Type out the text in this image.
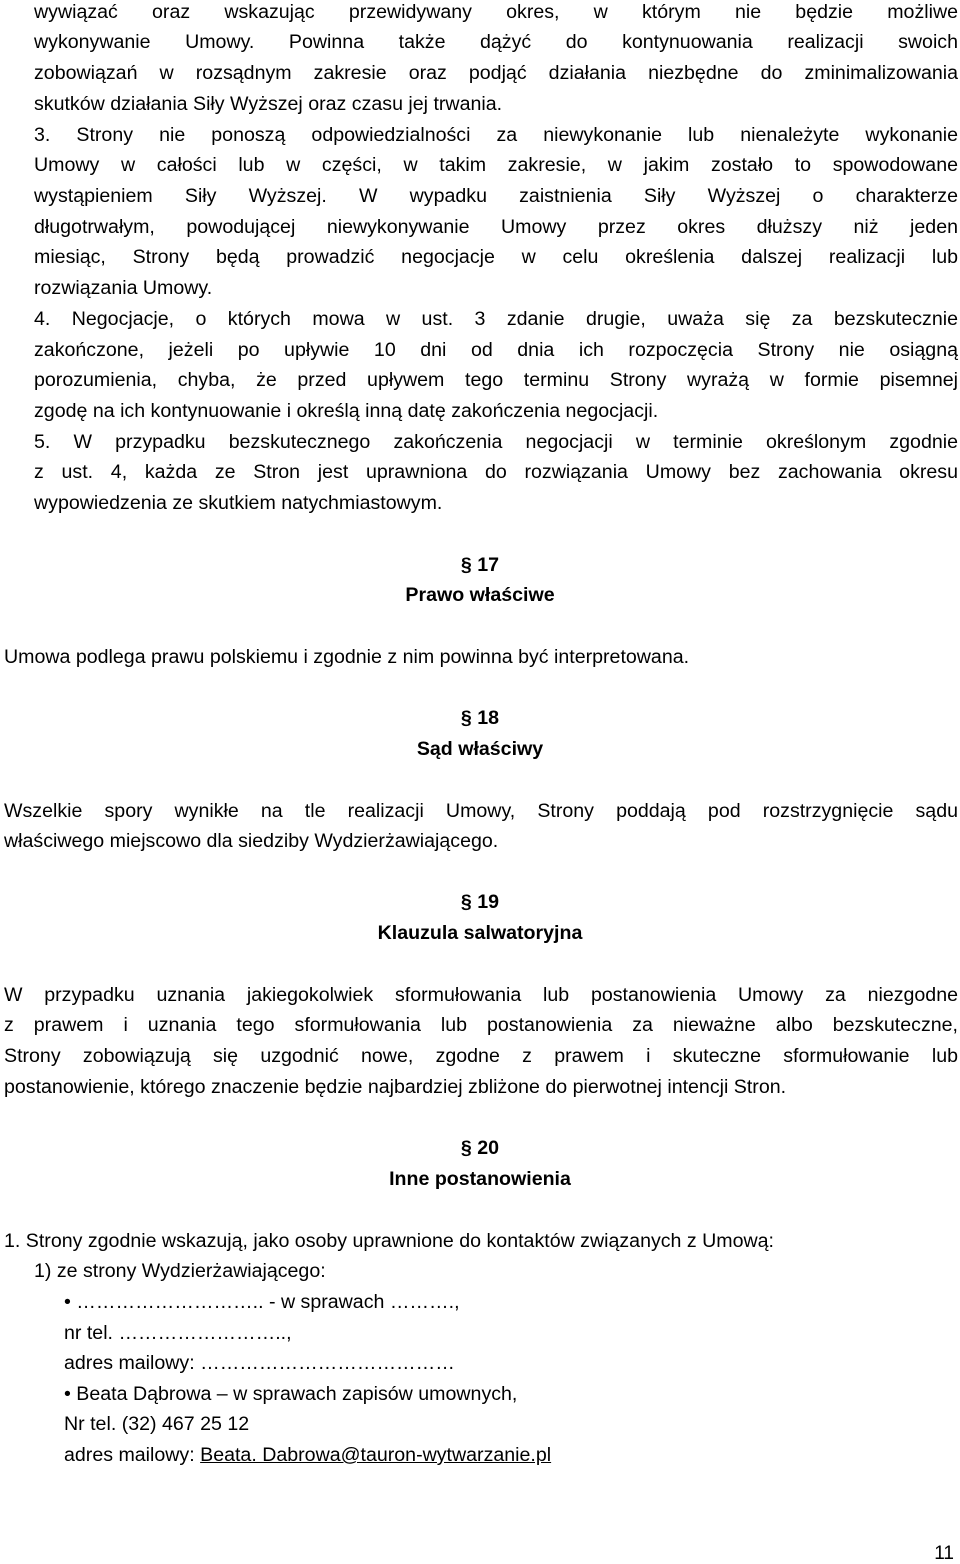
wywiązać oraz wskazując przewidywany okres, w którym nie będzie możliwe
wykonywanie Umowy. Powinna także dążyć do kontynuowania realizacji swoich
zobowiązań w rozsądnym zakresie oraz podjąć działania niezbędne do zminimalizowania
skutków działania Siły Wyższej oraz czasu jej trwania.
3. Strony nie ponoszą odpowiedzialności za niewykonanie lub nienależyte wykonanie
Umowy w całości lub w części, w takim zakresie, w jakim zostało to spowodowane
wystąpieniem Siły Wyższej. W wypadku zaistnienia Siły Wyższej o charakterze
długotrwałym, powodującej niewykonywanie Umowy przez okres dłuższy niż jeden
miesiąc, Strony będą prowadzić negocjacje w celu określenia dalszej realizacji lub
rozwiązania Umowy.
4. Negocjacje, o których mowa w ust. 3 zdanie drugie, uważa się za bezskutecznie
zakończone, jeżeli po upływie 10 dni od dnia ich rozpoczęcia Strony nie osiągną
porozumienia, chyba, że przed upływem tego terminu Strony wyrażą w formie pisemnej
zgodę na ich kontynuowanie i określą inną datę zakończenia negocjacji.
5. W przypadku bezskutecznego zakończenia negocjacji w terminie określonym zgodnie
z ust. 4, każda ze Stron jest uprawniona do rozwiązania Umowy bez zachowania okresu
wypowiedzenia ze skutkiem natychmiastowym.
§ 17
Prawo właściwe
Umowa podlega prawu polskiemu i zgodnie z nim powinna być interpretowana.
§ 18
Sąd właściwy
Wszelkie spory wynikłe na tle realizacji Umowy, Strony poddają pod rozstrzygnięcie sądu
właściwego miejscowo dla siedziby Wydzierżawiającego.
§ 19
Klauzula salwatoryjna
W przypadku uznania jakiegokolwiek sformułowania lub postanowienia Umowy za niezgodne
z prawem i uznania tego sformułowania lub postanowienia za nieważne albo bezskuteczne,
Strony zobowiązują się uzgodnić nowe, zgodne z prawem i skuteczne sformułowanie lub
postanowienie, którego znaczenie będzie najbardziej zbliżone do pierwotnej intencji Stron.
§ 20
Inne postanowienia
1. Strony zgodnie wskazują, jako osoby uprawnione do kontaktów związanych z Umową:
1) ze strony Wydzierżawiającego:
• ……………………….. - w sprawach ……….,
nr tel. ……………………..,
adres mailowy: …………………………………
• Beata Dąbrowa – w sprawach zapisów umownych,
Nr tel. (32) 467 25 12
adres mailowy: Beata. Dabrowa@tauron-wytwarzanie.pl
11
